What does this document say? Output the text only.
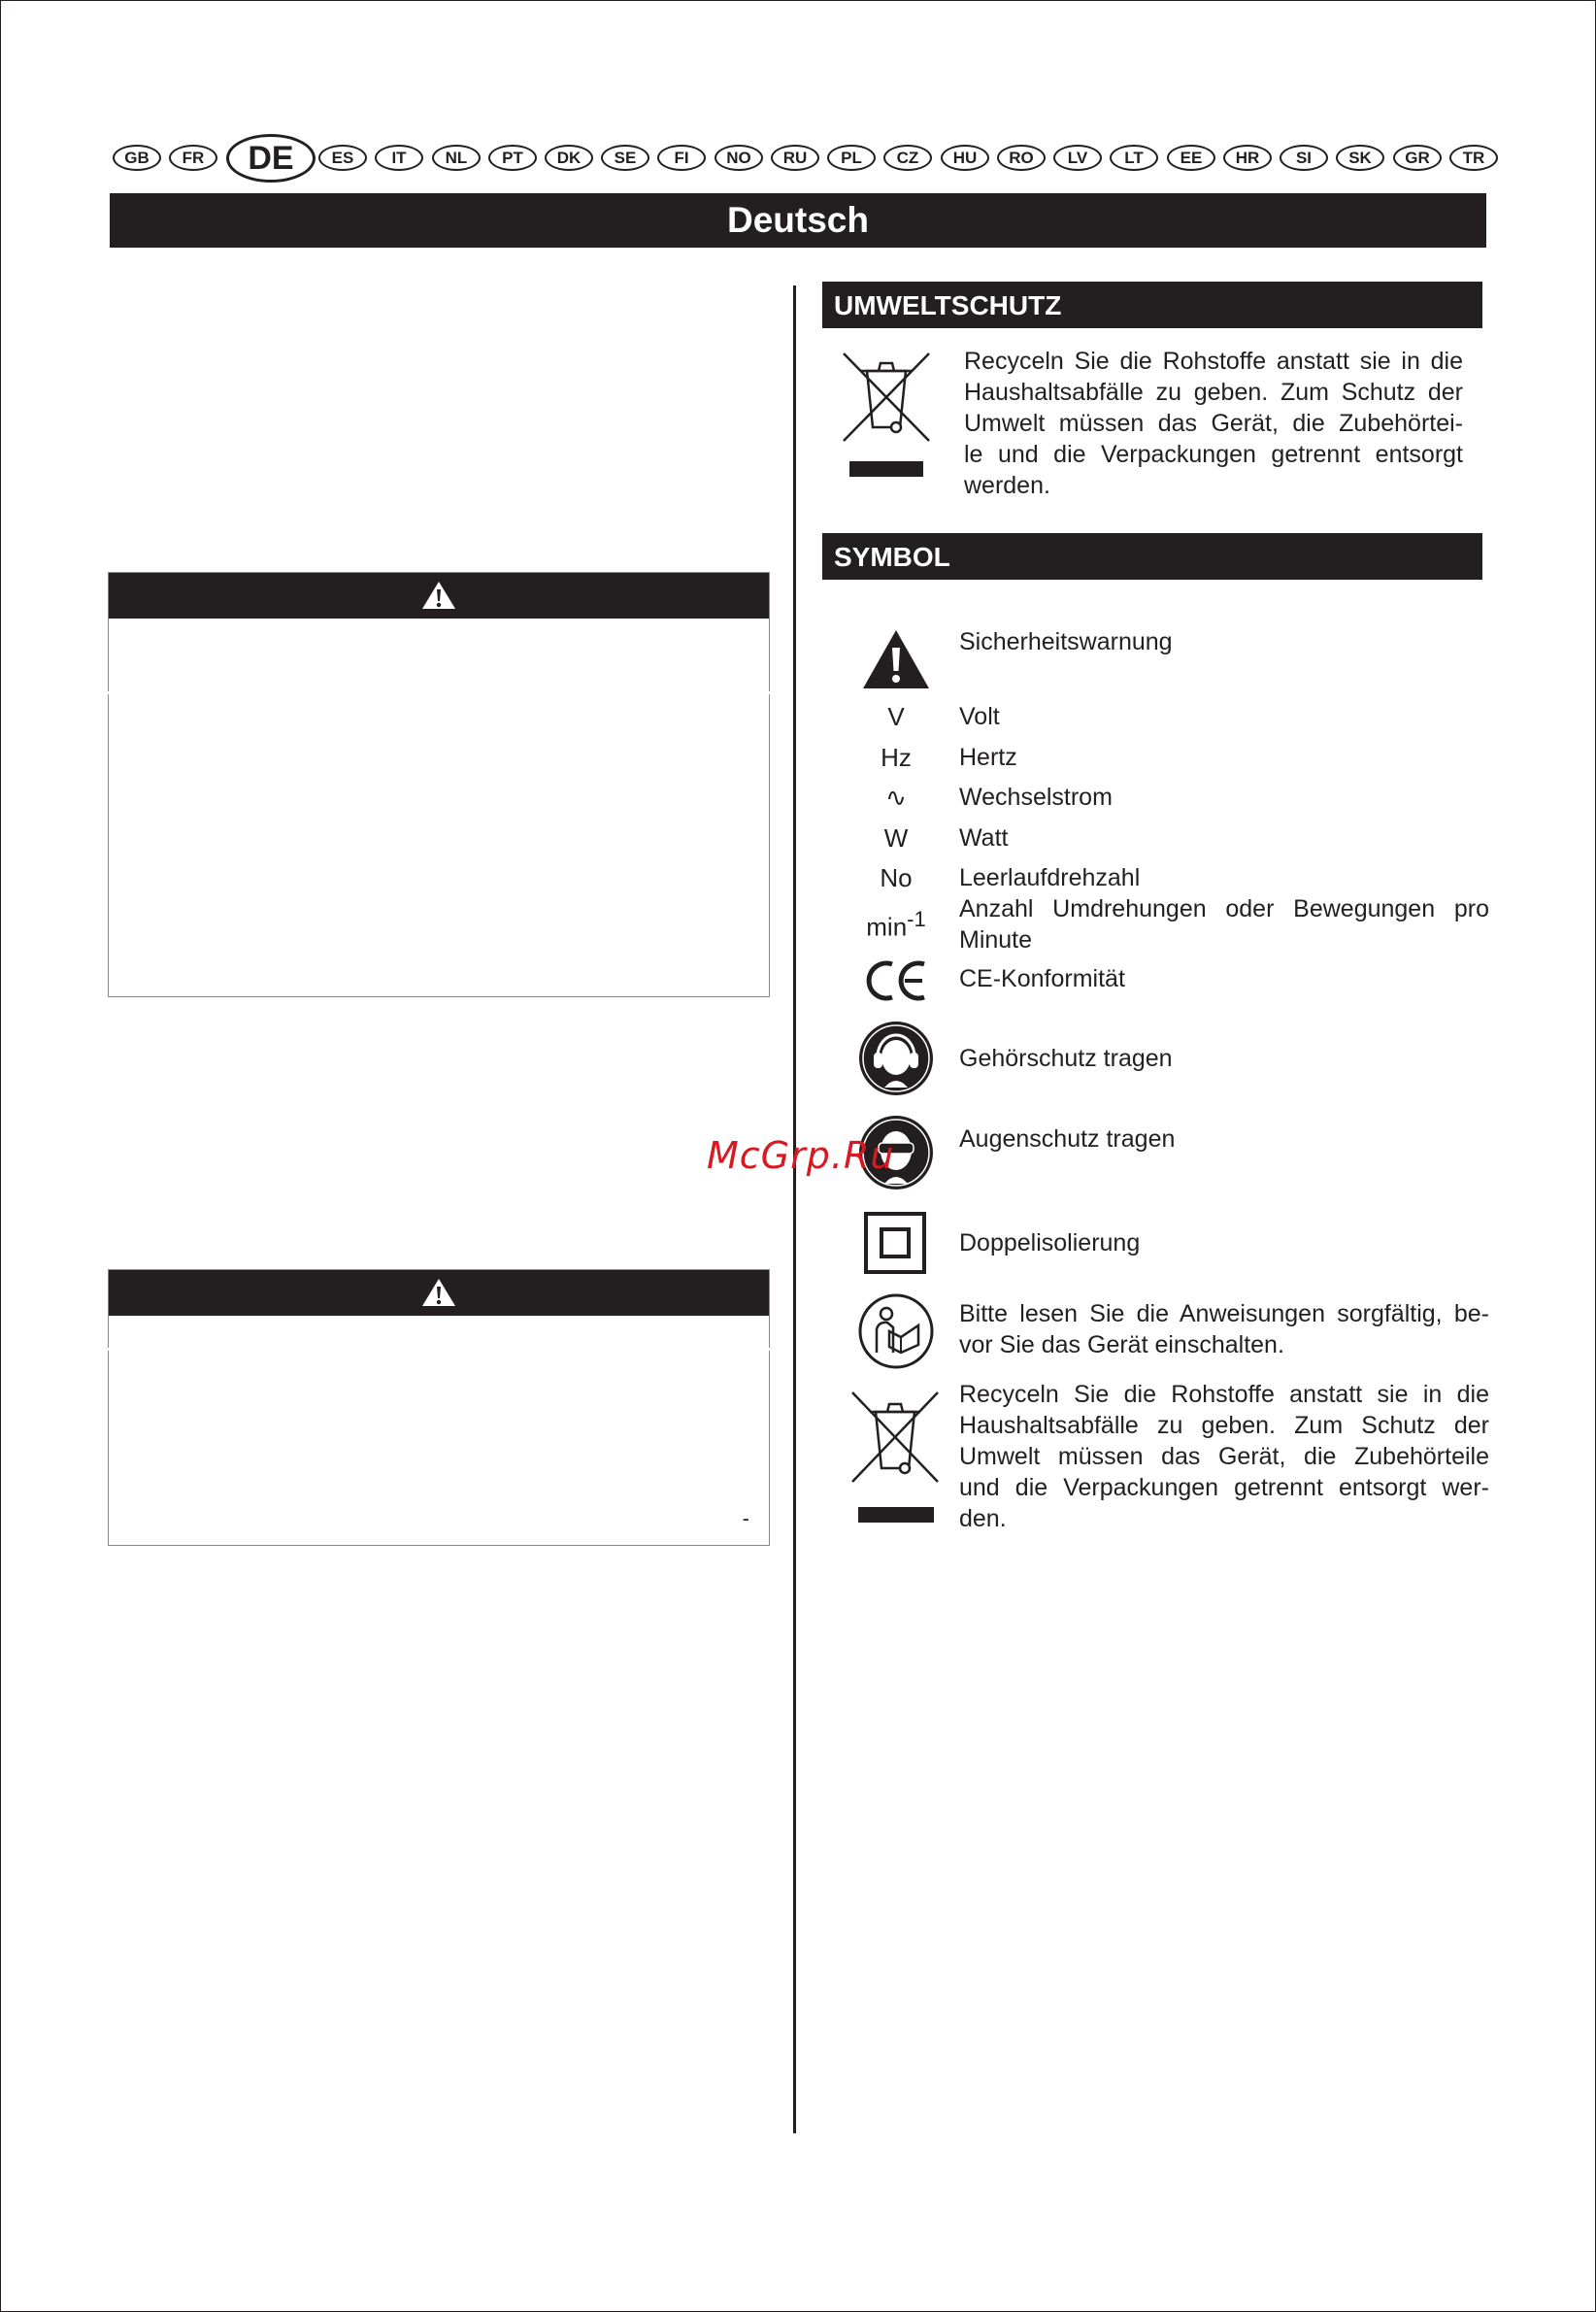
GB	FR	DE	ES	IT	NL	PT	DK	SE	FI	NO	RU	PL	CZ	HU	RO	LV	LT	EE	HR	SI	SK	GR	TR
Deutsch
-
UMWELTSCHUTZ
Recyceln Sie die Rohstoffe anstatt sie in die
Haushaltsabfälle zu geben. Zum Schutz der
Umwelt müssen das Gerät, die Zubehörtei-
le und die Verpackungen getrennt entsorgt
werden.
SYMBOL
Sicherheitswarnung
V	Volt
Hz	Hertz
∿	Wechselstrom
W	Watt
No	Leerlaufdrehzahl
$\min^{-1}$	Anzahl Umdrehungen oder Bewegungen pro
Minute
CE-Konformität
Gehörschutz tragen
Augenschutz tragen
Doppelisolierung
Bitte lesen Sie die Anweisungen sorgfältig, be-
vor Sie das Gerät einschalten.
Recyceln Sie die Rohstoffe anstatt sie in die
Haushaltsabfälle zu geben. Zum Schutz der
Umwelt müssen das Gerät, die Zubehörteile
und die Verpackungen getrennt entsorgt wer-
den.
McGrp.Ru
